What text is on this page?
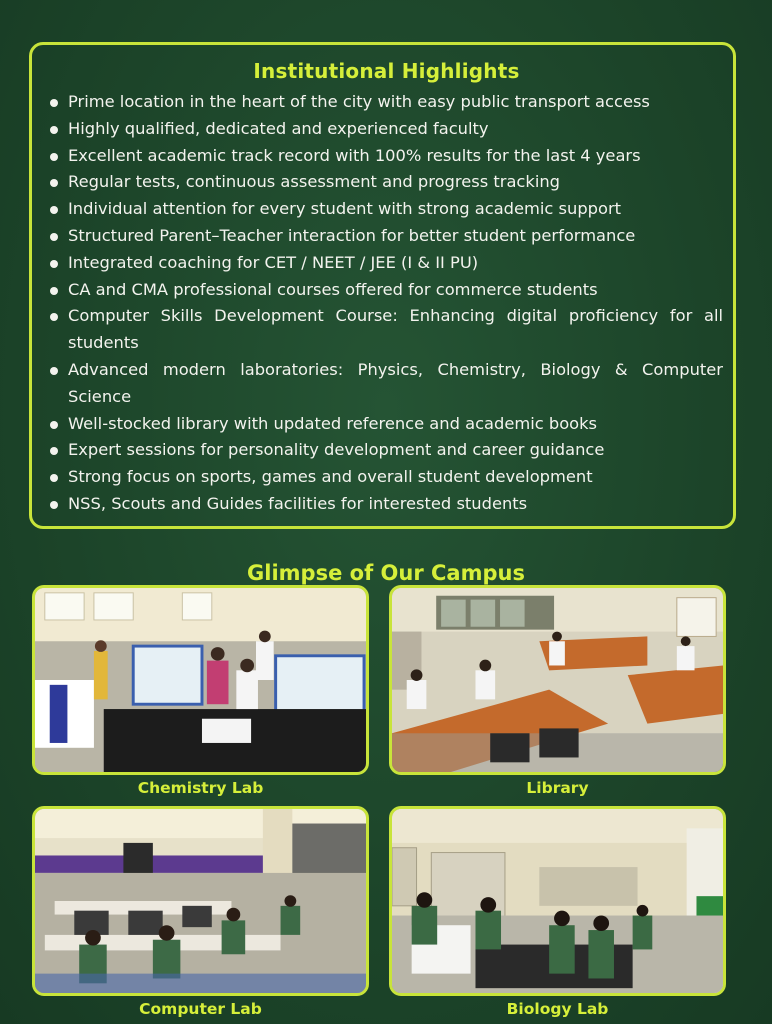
Institutional Highlights
Prime location in the heart of the city with easy public transport access
Highly qualified, dedicated and experienced faculty
Excellent academic track record with 100% results for the last 4 years
Regular tests, continuous assessment and progress tracking
Individual attention for every student with strong academic support
Structured Parent–Teacher interaction for better student performance
Integrated coaching for CET / NEET / JEE (I & II PU)
CA and CMA professional courses offered for commerce students
Computer Skills Development Course: Enhancing digital proficiency for all students
Advanced modern laboratories: Physics, Chemistry, Biology & Computer Science
Well-stocked library with updated reference and academic books
Expert sessions for personality development and career guidance
Strong focus on sports, games and overall student development
NSS, Scouts and Guides facilities for interested students
Glimpse of Our Campus
Chemistry Lab	Library
Computer Lab	Biology Lab
